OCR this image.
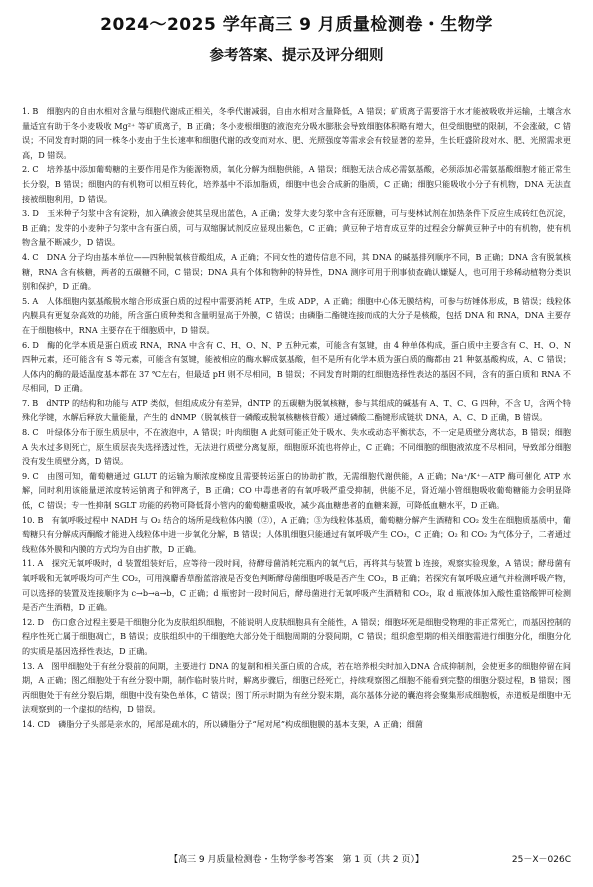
2024～2025 学年高三 9 月质量检测卷・生物学
参考答案、提示及评分细则

1. B　细胞内的自由水相对含量与细胞代谢成正相关，冬季代谢减弱，自由水相对含量降低，A 错误；矿质离子需要溶于水才能被吸收并运输，土壤含水量适宜有助于冬小麦吸收 Mg²⁺ 等矿质离子，B 正确；冬小麦根细胞的液泡充分吸水膨胀会导致细胞体积略有增大，但受细胞壁的限制，不会涨破，C 错误；不同发育时期的同一株冬小麦由于生长速率和细胞代谢的改变而对水、肥、光照强度等需求会有较显著的差异，生长旺盛阶段对水、肥、光照需求更高，D 错误。

2. C　培养基中添加葡萄糖的主要作用是作为能源物质，氧化分解为细胞供能，A 错误；细胞无法合成必需氨基酸，必须添加必需氨基酸细胞才能正常生长分裂，B 错误；细胞内的有机物可以相互转化，培养基中不添加脂质，细胞中也会合成新的脂质，C 正确；细胞只能吸收小分子有机物，DNA 无法直接被细胞利用，D 错误。

3. D　玉米种子匀浆中含有淀粉，加入碘液会使其呈现出蓝色，A 正确；发芽大麦匀浆中含有还原糖，可与斐林试剂在加热条件下反应生成砖红色沉淀，B 正确；发芽的小麦种子匀浆中含有蛋白质，可与双缩脲试剂反应显现出紫色，C 正确；黄豆种子培育成豆芽的过程会分解黄豆种子中的有机物，使有机物含量不断减少，D 错误。

4. C　DNA 分子均由基本单位——四种脱氧核苷酸组成，A 正确；不同女性的遗传信息不同，其 DNA 的碱基排列顺序不同，B 正确；DNA 含有脱氧核糖，RNA 含有核糖，两者的五碳糖不同，C 错误；DNA 具有个体和物种的特异性，DNA 测序可用于刑事侦查确认嫌疑人，也可用于珍稀动植物分类识别和保护，D 正确。

5. A　人体细胞内氨基酸脱水缩合形成蛋白质的过程中需要消耗 ATP，生成 ADP，A 正确；细胞中心体无膜结构，可参与纺锤体形成，B 错误；线粒体内膜具有更复杂高效的功能，所含蛋白质种类和含量明显高于外膜，C 错误；由磷脂二酯键连接而成的大分子是核酸，包括 DNA 和 RNA，DNA 主要存在于细胞核中，RNA 主要存在于细胞质中，D 错误。

6. D　酶的化学本质是蛋白质或 RNA，RNA 中含有 C、H、O、N、P 五种元素，可能含有氢键，由 4 种单体构成，蛋白质中主要含有 C、H、O、N 四种元素，还可能含有 S 等元素，可能含有氢键，能被相应的酶水解成氨基酸，但不是所有化学本质为蛋白质的酶都由 21 种氨基酸构成，A、C 错误；人体内的酶的最适温度基本都在 37 ℃左右，但最适 pH 则不尽相同，B 错误；不同发育时期的红细胞选择性表达的基因不同，含有的蛋白质和 RNA 不尽相同，D 正确。

7. B　dNTP 的结构和功能与 ATP 类似，但组成成分有差异，dNTP 的五碳糖为脱氧核糖，参与其组成的碱基有 A、T、C、G 四种，不含 U，含两个特殊化学键，水解后释放大量能量，产生的 dNMP（脱氧核苷一磷酸或脱氧核糖核苷酸）通过磷酸二酯键形成链状 DNA，A、C、D 正确，B 错误。

8. C　叶绿体分布于原生质层中，不在液泡中，A 错误；叶肉细胞 A 此刻可能正处于吸水、失水或动态平衡状态，不一定是质壁分离状态，B 错误；细胞 A 失水过多则死亡，原生质层丧失选择透过性，无法进行质壁分离复原，细胞原环流也将停止，C 正确；不同细胞的细胞液浓度不尽相同，导致部分细胞没有发生质壁分离，D 错误。

9. C　由图可知，葡萄糖通过 GLUT 的运输为顺浓度梯度且需要转运蛋白的协助扩散，无需细胞代谢供能，A 正确；Na⁺/K⁺－ATP 酶可催化 ATP 水解，同时利用该能量逆浓度转运钠离子和钾离子，B 正确；CO 中毒患者的有氧呼吸严重受抑制，供能不足，肾近端小管细胞吸收葡萄糖能力会明显降低，C 错误；专一性抑制 SGLT 功能的药物可降低肾小管内的葡萄糖重吸收，减少高血糖患者的血糖来源，可降低血糖水平，D 正确。

10. B　有氧呼吸过程中 NADH 与 O₂ 结合的场所是线粒体内膜（②），A 正确；③为线粒体基质，葡萄糖分解产生酒精和 CO₂ 发生在细胞质基质中，葡萄糖只有分解成丙酮酸才能进入线粒体中进一步氧化分解，B 错误；人体肌细胞只能通过有氧呼吸产生 CO₂，C 正确；O₂ 和 CO₂ 为气体分子，二者通过线粒体外膜和内膜的方式均为自由扩散，D 正确。

11. A　探究无氧呼吸时，d 装置组装好后，应等待一段时间，待酵母菌消耗完瓶内的氧气后，再将其与装置 b 连接，观察实验现象，A 错误；酵母菌有氧呼吸和无氧呼吸均可产生 CO₂，可用溴麝香草酚蓝溶液是否变色判断酵母菌细胞呼吸是否产生 CO₂，B 正确；若探究有氧呼吸应通气并检测呼吸产物，可以选择的装置及连接顺序为 c→b→a→b，C 正确；d 瓶密封一段时间后，酵母菌进行无氧呼吸产生酒精和 CO₂，取 d 瓶液体加入酸性重铬酸钾可检测是否产生酒精，D 正确。

12. D　伤口愈合过程主要是干细胞分化为皮肤组织细胞，不能说明人皮肤细胞具有全能性，A 错误；细胞坏死是细胞受物理的非正常死亡，而基因控制的程序性死亡属于细胞凋亡，B 错误；皮肤组织中的干细胞绝大部分处于细胞周期的分裂间期，C 错误；组织愈型期的相关细胞需进行细胞分化，细胞分化的实质是基因选择性表达，D 正确。

13. A　图甲细胞处于有丝分裂前的间期，主要进行 DNA 的复制和相关蛋白质的合成，若在培养根尖时加入DNA 合成抑制剂，会使更多的细胞停留在间期，A 正确；图乙细胞处于有丝分裂中期，制作临时装片时，解离步骤后，细胞已经死亡，持续观察图乙细胞不能看到完整的细胞分裂过程，B 错误；图丙细胞处于有丝分裂后期，细胞中没有染色单体，C 错误；图丁所示时期为有丝分裂末期，高尔基体分泌的囊泡将会聚集形成细胞板，赤道板是细胞中无法观察到的一个虚拟的结构，D 错误。

14. CD　磷脂分子头部是亲水的，尾部是疏水的，所以磷脂分子“尾对尾”构成细胞膜的基本支架，A 正确；细菌

【高三 9 月质量检测卷・生物学参考答案　第 1 页（共 2 页）】	25－X－026C
